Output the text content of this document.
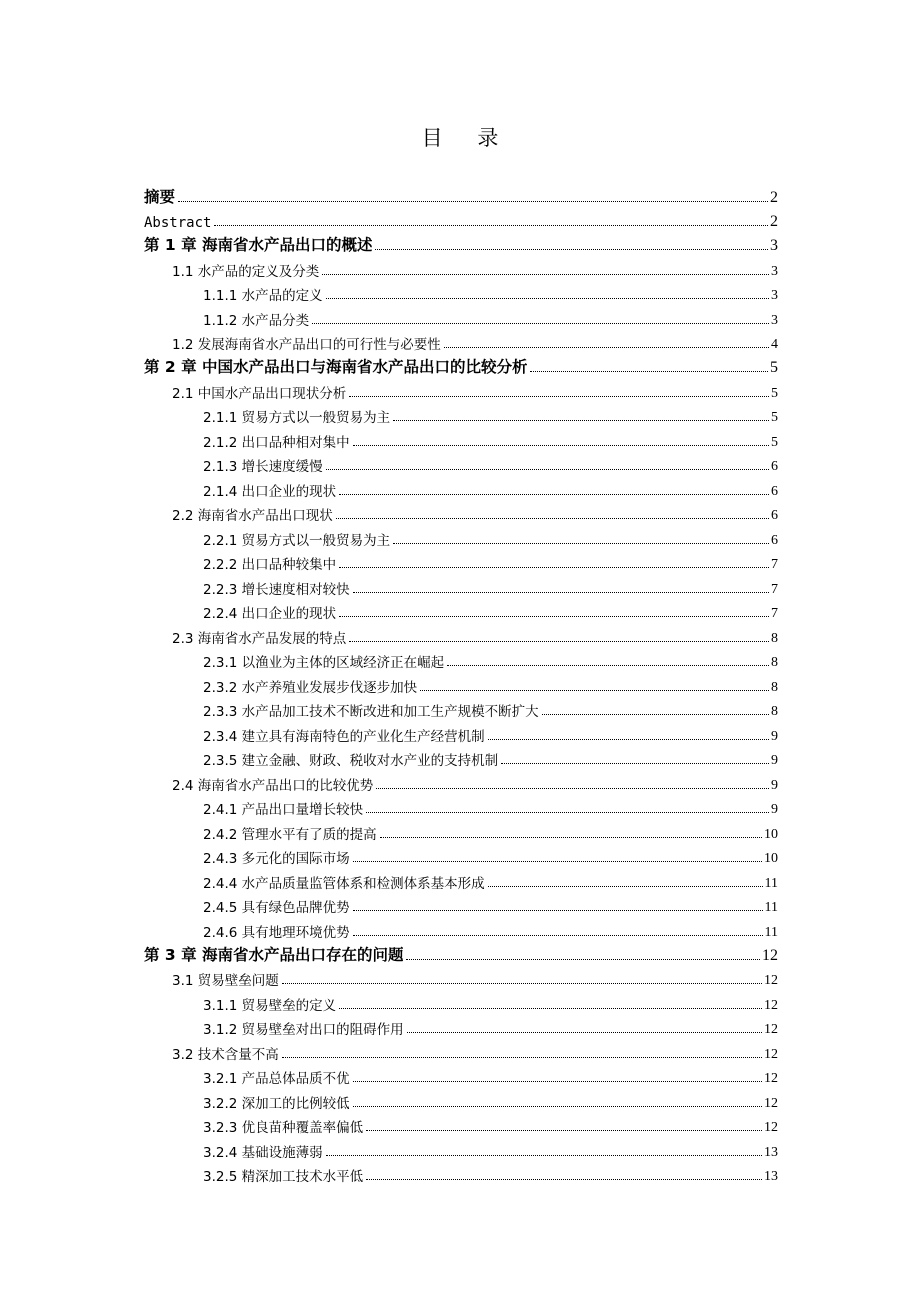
目 录
摘要	2
Abstract	2
第 1 章 海南省水产品出口的概述	3
1.1 水产品的定义及分类	3
1.1.1 水产品的定义	3
1.1.2 水产品分类	3
1.2 发展海南省水产品出口的可行性与必要性	4
第 2 章 中国水产品出口与海南省水产品出口的比较分析	5
2.1 中国水产品出口现状分析	5
2.1.1 贸易方式以一般贸易为主	5
2.1.2 出口品种相对集中	5
2.1.3 增长速度缓慢	6
2.1.4 出口企业的现状	6
2.2 海南省水产品出口现状	6
2.2.1 贸易方式以一般贸易为主	6
2.2.2 出口品种较集中	7
2.2.3 增长速度相对较快	7
2.2.4 出口企业的现状	7
2.3 海南省水产品发展的特点	8
2.3.1 以渔业为主体的区域经济正在崛起	8
2.3.2 水产养殖业发展步伐逐步加快	8
2.3.3 水产品加工技术不断改进和加工生产规模不断扩大	8
2.3.4 建立具有海南特色的产业化生产经营机制	9
2.3.5 建立金融、财政、税收对水产业的支持机制	9
2.4 海南省水产品出口的比较优势	9
2.4.1 产品出口量增长较快	9
2.4.2 管理水平有了质的提高	10
2.4.3 多元化的国际市场	10
2.4.4 水产品质量监管体系和检测体系基本形成	11
2.4.5 具有绿色品牌优势	11
2.4.6 具有地理环境优势	11
第 3 章 海南省水产品出口存在的问题	12
3.1 贸易壁垒问题	12
3.1.1 贸易壁垒的定义	12
3.1.2 贸易壁垒对出口的阻碍作用	12
3.2 技术含量不高	12
3.2.1 产品总体品质不优	12
3.2.2 深加工的比例较低	12
3.2.3 优良苗种覆盖率偏低	12
3.2.4 基础设施薄弱	13
3.2.5 精深加工技术水平低	13
